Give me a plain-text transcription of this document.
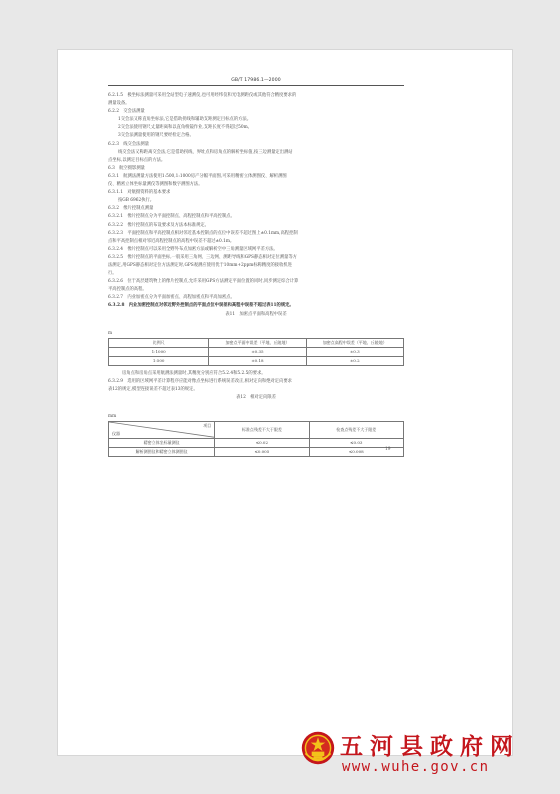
GB/T 17986.1—2000
6.2.1.5　极坐标法测量可采用全站型电子速测仪,也可用经纬仪和光电测距仪或其他符合精度要求的
测量设备。
6.2.2　交会法测量
1交会法又称直角坐标法,它是借助拐线和辅助支距测定目标点的方法。
2交会法使用钢尺丈量距离和以直角棱镜作业,支距长度不得超过50m。
3交会法测量使用的钢尺要经检定合格。
6.2.3　线交会法测量
线交会法又称距离交会法,它是借助拐线、界址点和房角点的解析坐标值,按三边测量定出测站
点坐标,以测定目标点的方法。
6.3　航空摄影测量
6.3.1　航测法测量方法使用1:500,1:1000房产分幅平面图,可采用精密立体测图仪、解析测图
仪、精密立体坐标量测仪等测图和数字测图方法。
6.3.1.1　对航摄资料的基本要求
按GB 6962执行。
6.3.2　像片控制点测量
6.3.2.1　像片控制点分为平面控制点、高程控制点和平高控制点。
6.3.2.2　像片控制点的布设要求及方法本标准规定。
6.3.2.3　平面控制点和平高控制点相对邻近基本控制点的点位中误差不超过图上±0.1mm,高程控制
点和平高控制点相对邻近高程控制点的高程中误差不超过±0.1m。
6.3.2.4　像片控制点可以采用全野外布点加密方法或解析空中三角测量区域网平差方法。
6.3.2.5　像片控制点的平面坐标,一般采用三角网、三边网、测距导线和GPS静态相对定位测量等方
法测定,用GPS静态相对定位方法测定时,GPS观测应使用优于10mm+2ppm标称精度的接收机进
行。
6.3.2.6　位于高层建筑物上的像片控制点,允许采用GPS方法测定平面位置的同时,同步测定综合计算
平高控制点的高程。
6.3.2.7　内业加密点分为平面加密点、高程加密点和平高加密点。
6.3.2.8　内业加密控制点对邻近野外控制点的平面点位中误差和高程中误差不超过表11的规定。
表11　加密点平面和高程中误差
m
比例尺	加密点平面中误差（平地、丘陵地）	加密点高程中误差（平地、丘陵地）
1:1000	±0.35	±0.3
1:500	±0.18	±0.2
房角点和房角点采用航测法测量时,其精度分别应符合5.2.4和5.2.5的要求。
6.3.2.9　选用的区域网平差计算程序应能对像点坐标进行系统误差改正,相对定向和绝对定向要求
表12的规定,模型连接误差不超过表13的规定。
表12　相对定向限差
mm
项目
仪器	标准点残差不大于限差	检查点残差不大于限差
精密立体坐标量测仪	≤0.02	≤0.03
解析测图仪和精密立体测图仪	≤0.005	≤0.008	19
五河县政府网
www.wuhe.gov.cn
